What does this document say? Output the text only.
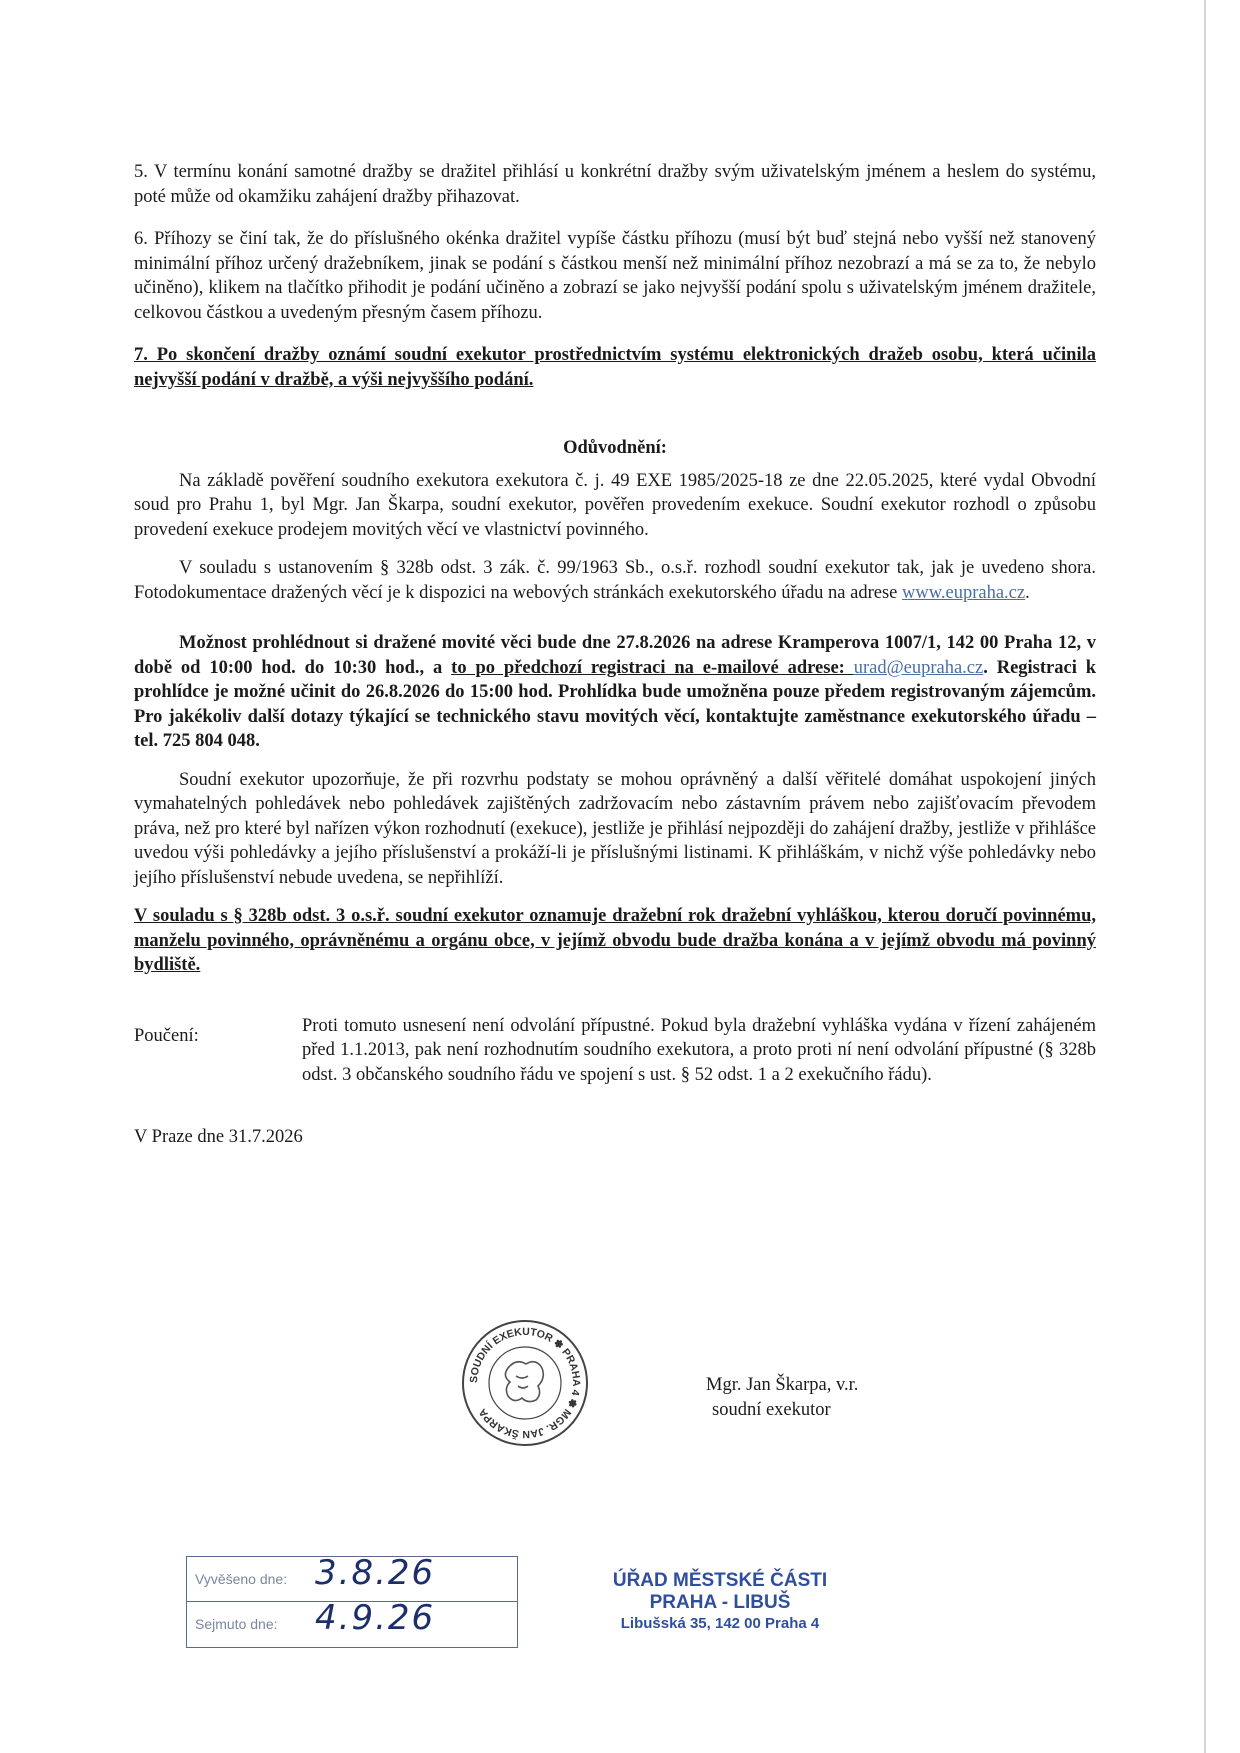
5. V termínu konání samotné dražby se dražitel přihlásí u konkrétní dražby svým uživatelským jménem a heslem do systému, poté může od okamžiku zahájení dražby přihazovat.

6. Příhozy se činí tak, že do příslušného okénka dražitel vypíše částku příhozu (musí být buď stejná nebo vyšší než stanovený minimální příhoz určený dražebníkem, jinak se podání s částkou menší než minimální příhoz nezobrazí a má se za to, že nebylo učiněno), klikem na tlačítko přihodit je podání učiněno a zobrazí se jako nejvyšší podání spolu s uživatelským jménem dražitele, celkovou částkou a uvedeným přesným časem příhozu.

7. Po skončení dražby oznámí soudní exekutor prostřednictvím systému elektronických dražeb osobu, která učinila nejvyšší podání v dražbě, a výši nejvyššího podání.

Odůvodnění:

Na základě pověření soudního exekutora exekutora č. j. 49 EXE 1985/2025-18 ze dne 22.05.2025, které vydal Obvodní soud pro Prahu 1, byl Mgr. Jan Škarpa, soudní exekutor, pověřen provedením exekuce. Soudní exekutor rozhodl o způsobu provedení exekuce prodejem movitých věcí ve vlastnictví povinného.

V souladu s ustanovením § 328b odst. 3 zák. č. 99/1963 Sb., o.s.ř. rozhodl soudní exekutor tak, jak je uvedeno shora. Fotodokumentace dražených věcí je k dispozici na webových stránkách exekutorského úřadu na adrese www.eupraha.cz.

Možnost prohlédnout si dražené movité věci bude dne 27.8.2026 na adrese Kramperova 1007/1, 142 00 Praha 12, v době od 10:00 hod. do 10:30 hod., a to po předchozí registraci na e-mailové adrese: urad@eupraha.cz. Registraci k prohlídce je možné učinit do 26.8.2026 do 15:00 hod. Prohlídka bude umožněna pouze předem registrovaným zájemcům. Pro jakékoliv další dotazy týkající se technického stavu movitých věcí, kontaktujte zaměstnance exekutorského úřadu – tel. 725 804 048.

Soudní exekutor upozorňuje, že při rozvrhu podstaty se mohou oprávněný a další věřitelé domáhat uspokojení jiných vymahatelných pohledávek nebo pohledávek zajištěných zadržovacím nebo zástavním právem nebo zajišťovacím převodem práva, než pro které byl nařízen výkon rozhodnutí (exekuce), jestliže je přihlásí nejpozději do zahájení dražby, jestliže v přihlášce uvedou výši pohledávky a jejího příslušenství a prokáží-li je příslušnými listinami. K přihláškám, v nichž výše pohledávky nebo jejího příslušenství nebude uvedena, se nepřihlíží.

V souladu s § 328b odst. 3 o.s.ř. soudní exekutor oznamuje dražební rok dražební vyhláškou, kterou doručí povinnému, manželu povinného, oprávněnému a orgánu obce, v jejímž obvodu bude dražba konána a v jejímž obvodu má povinný bydliště.

Poučení:	Proti tomuto usnesení není odvolání přípustné. Pokud byla dražební vyhláška vydána v řízení zahájeném před 1.1.2013, pak není rozhodnutím soudního exekutora, a proto proti ní není odvolání přípustné (§ 328b odst. 3 občanského soudního řádu ve spojení s ust. § 52 odst. 1 a 2 exekučního řádu).

V Praze dne 31.7.2026

SOUDNÍ EXEKUTOR ✽ PRAHA 4 ✽ MGR. JAN ŠKARPA
Mgr. Jan Škarpa, v.r.
soudní exekutor
Vyvěšeno dne: 3.8.26
Sejmuto dne: 4.9.26
ÚŘAD MĚSTSKÉ ČÁSTI
PRAHA - LIBUŠ
Libušská 35, 142 00 Praha 4
